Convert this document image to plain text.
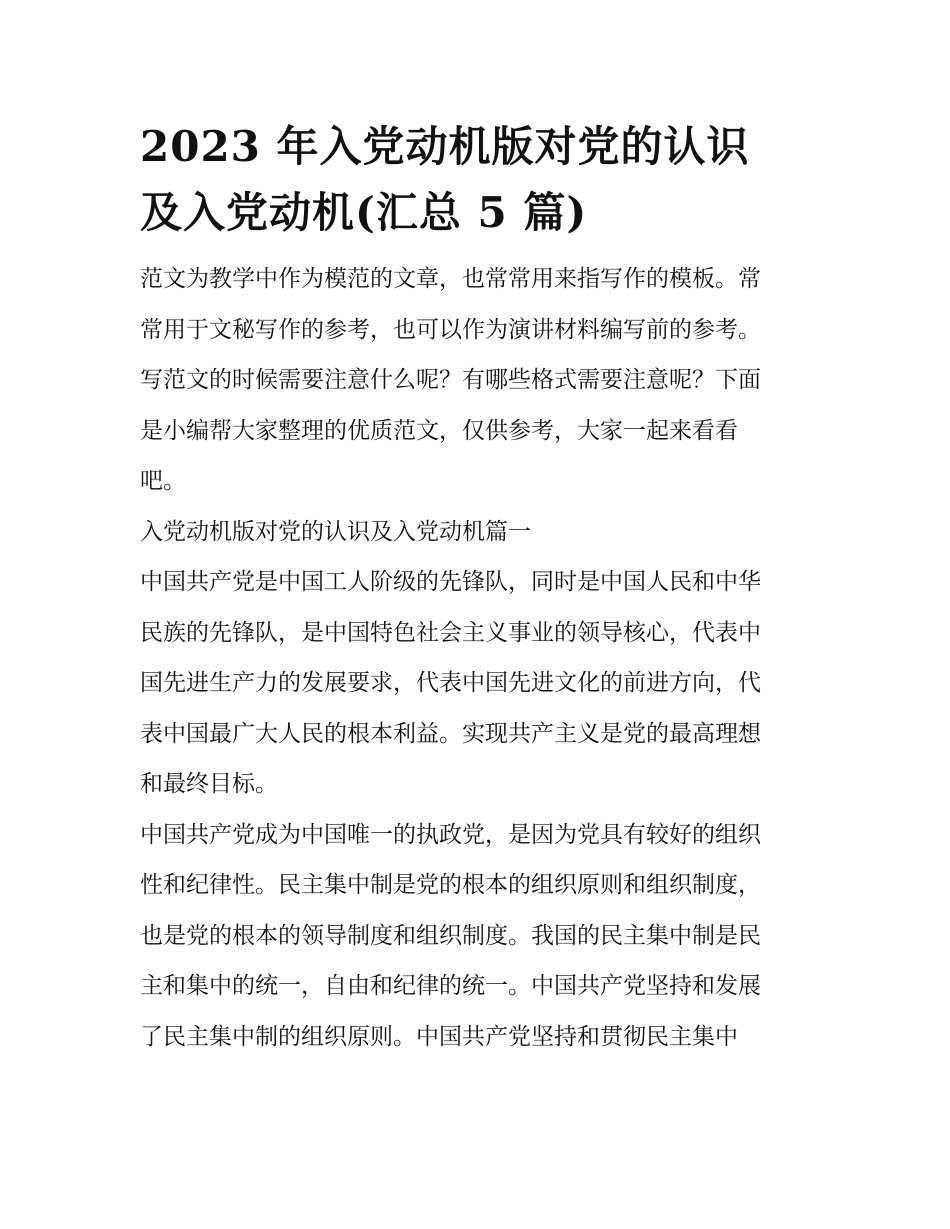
2023 年入党动机版对党的认识
及入党动机(汇总 5 篇)

范文为教学中作为模范的文章，也常常用来指写作的模板。常
常用于文秘写作的参考，也可以作为演讲材料编写前的参考。
写范文的时候需要注意什么呢？有哪些格式需要注意呢？下面
是小编帮大家整理的优质范文，仅供参考，大家一起来看看
吧。

入党动机版对党的认识及入党动机篇一

中国共产党是中国工人阶级的先锋队，同时是中国人民和中华
民族的先锋队，是中国特色社会主义事业的领导核心，代表中
国先进生产力的发展要求，代表中国先进文化的前进方向，代
表中国最广大人民的根本利益。实现共产主义是党的最高理想
和最终目标。

中国共产党成为中国唯一的执政党，是因为党具有较好的组织
性和纪律性。民主集中制是党的根本的组织原则和组织制度，
也是党的根本的领导制度和组织制度。我国的民主集中制是民
主和集中的统一，自由和纪律的统一。中国共产党坚持和发展
了民主集中制的组织原则。中国共产党坚持和贯彻民主集中
